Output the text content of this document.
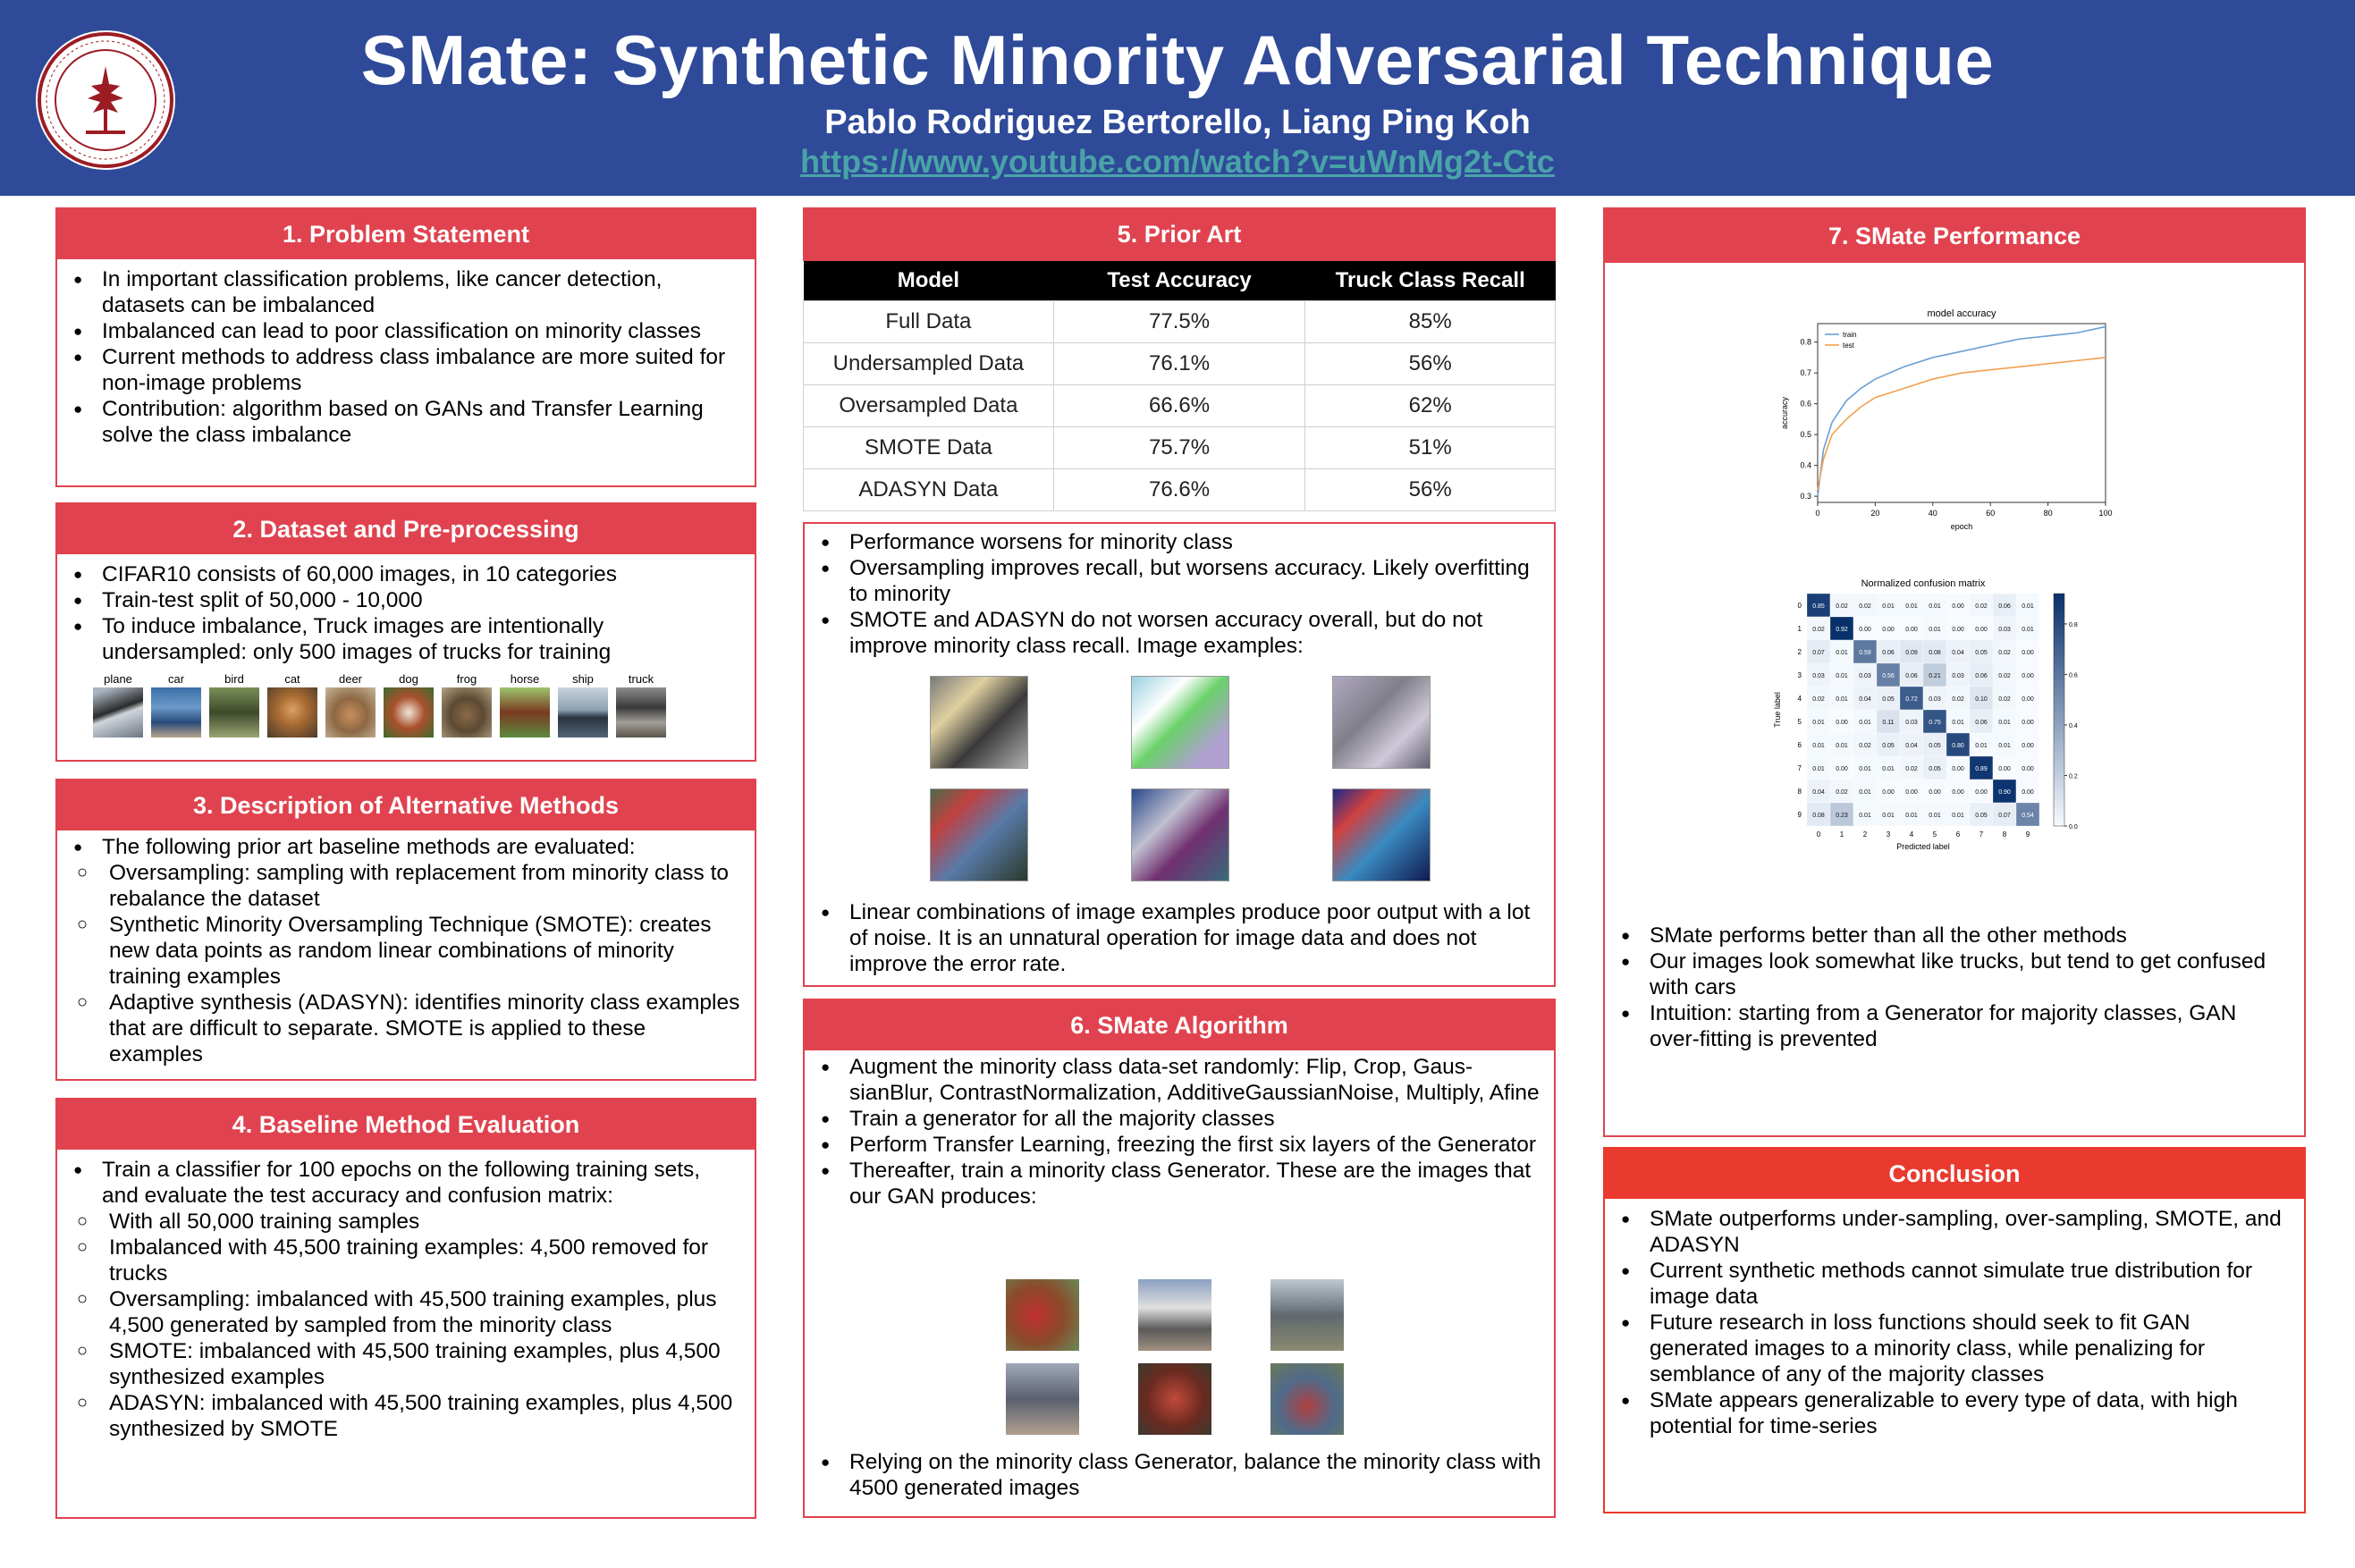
SMate: Synthetic Minority Adversarial Technique
Pablo Rodriguez Bertorello, Liang Ping Koh
https://www.youtube.com/watch?v=uWnMg2t-Ctc
1. Problem Statement
● In important classification problems, like cancer detection, datasets can be imbalanced
● Imbalanced can lead to poor classification on minority classes
● Current methods to address class imbalance are more suited for non-image problems
● Contribution: algorithm based on GANs and Transfer Learning solve the class imbalance
2. Dataset and Pre-processing
● CIFAR10 consists of 60,000 images, in 10 categories
● Train-test split of 50,000 - 10,000
● To induce imbalance, Truck images are intentionally undersampled: only 500 images of trucks for training
plane	car	bird	cat	deer	dog	frog	horse	ship	truck
3. Description of Alternative Methods
● The following prior art baseline methods are evaluated:
○ Oversampling: sampling with replacement from minority class to rebalance the dataset
○ Synthetic Minority Oversampling Technique (SMOTE): creates new data points as random linear combinations of minority training examples
○ Adaptive synthesis (ADASYN): identifies minority class examples that are difficult to separate. SMOTE is applied to these examples
4. Baseline Method Evaluation
● Train a classifier for 100 epochs on the following training sets, and evaluate the test accuracy and confusion matrix:
○ With all 50,000 training samples
○ Imbalanced with 45,500 training examples: 4,500 removed for trucks
○ Oversampling: imbalanced with 45,500 training examples, plus 4,500 generated by sampled from the minority class
○ SMOTE: imbalanced with 45,500 training examples, plus 4,500 synthesized examples
○ ADASYN: imbalanced with 45,500 training examples, plus 4,500 synthesized by SMOTE
5. Prior Art
Model	Test Accuracy	Truck Class Recall
Full Data	77.5%	85%
Undersampled Data	76.1%	56%
Oversampled Data	66.6%	62%
SMOTE Data	75.7%	51%
ADASYN Data	76.6%	56%
● Performance worsens for minority class
● Oversampling improves recall, but worsens accuracy. Likely overfitting to minority
● SMOTE and ADASYN do not worsen accuracy overall, but do not improve minority class recall. Image examples:
● Linear combinations of image examples produce poor output with a lot of noise. It is an unnatural operation for image data and does not improve the error rate.
6. SMate Algorithm
● Augment the minority class data-set randomly: Flip, Crop, Gaus-sianBlur, ContrastNormalization, AdditiveGaussianNoise, Multiply, Afine
● Train a generator for all the majority classes
● Perform Transfer Learning, freezing the first six layers of the Generator
● Thereafter, train a minority class Generator. These are the images that our GAN produces:
● Relying on the minority class Generator, balance the minority class with 4500 generated images
7. SMate Performance
model accuracy
accuracy
epoch
0	20	40	60	80	100
0.3
0.4
0.5
0.6
0.7
0.8
train
test
Normalized confusion matrix
True label
Predicted label
0.85 0.02 0.02 0.01 0.01 0.01 0.00 0.02 0.06 0.01
0.02 0.92 0.00 0.00 0.00 0.01 0.00 0.00 0.03 0.01
0.07 0.01 0.59 0.06 0.09 0.08 0.04 0.05 0.02 0.00
0.03 0.01 0.03 0.56 0.06 0.21 0.03 0.06 0.02 0.00
0.02 0.01 0.04 0.05 0.72 0.03 0.02 0.10 0.02 0.00
0.01 0.00 0.01 0.11 0.03 0.75 0.01 0.06 0.01 0.00
0.01 0.01 0.02 0.05 0.04 0.05 0.80 0.01 0.01 0.00
0.01 0.00 0.01 0.01 0.02 0.05 0.00 0.89 0.00 0.00
0.04 0.02 0.01 0.00 0.00 0.00 0.00 0.00 0.90 0.00
0.08 0.23 0.01 0.01 0.01 0.01 0.01 0.05 0.07 0.54
0
0
1
1
2
2
3
3
4
4
5
5
6
6
7
7
8
8
9
9
0.0
0.2
0.4
0.6
0.8
● SMate performs better than all the other methods
● Our images look somewhat like trucks, but tend to get confused with cars
● Intuition: starting from a Generator for majority classes, GAN over-fitting is prevented
Conclusion
● SMate outperforms under-sampling, over-sampling, SMOTE, and ADASYN
● Current synthetic methods cannot simulate true distribution for image data
● Future research in loss functions should seek to fit GAN generated images to a minority class, while penalizing for semblance of any of the majority classes
● SMate appears generalizable to every type of data, with high potential for time-series
